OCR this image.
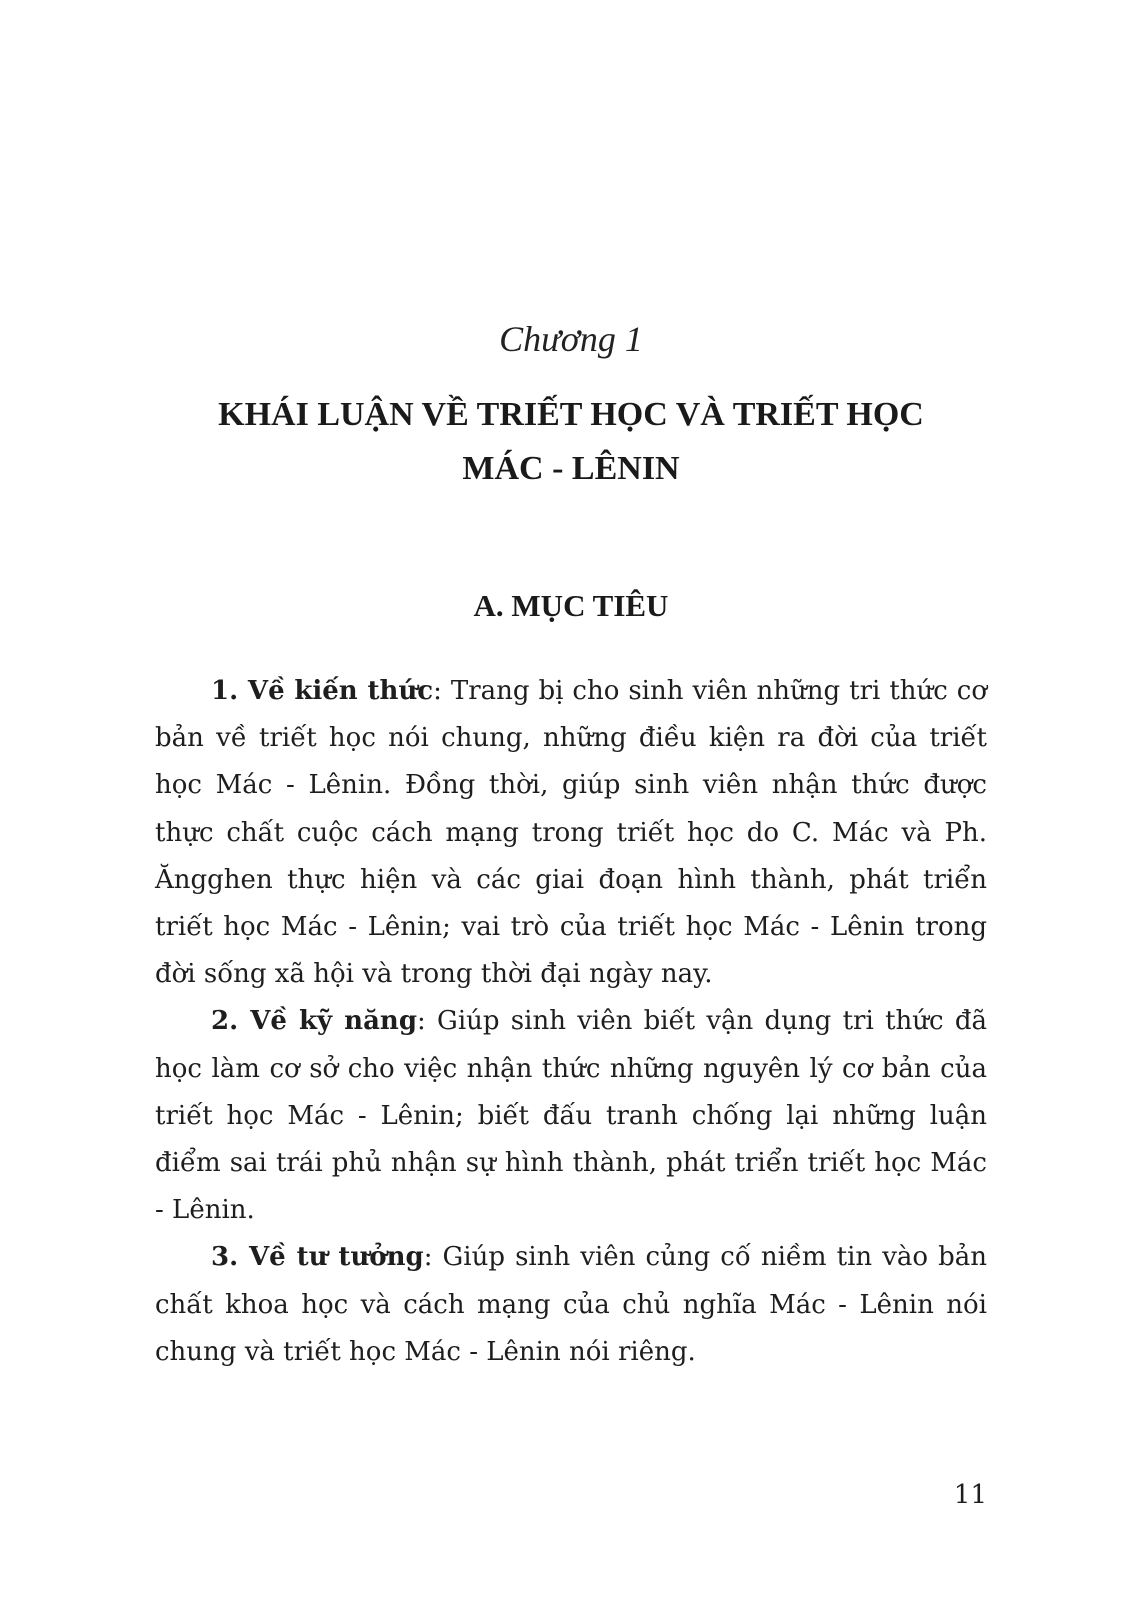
Chương 1
KHÁI LUẬN VỀ TRIẾT HỌC VÀ TRIẾT HỌC
MÁC - LÊNIN
A. MỤC TIÊU

1. Về kiến thức: Trang bị cho sinh viên những tri thức cơ bản về triết học nói chung, những điều kiện ra đời của triết học Mác - Lênin. Đồng thời, giúp sinh viên nhận thức được thực chất cuộc cách mạng trong triết học do C. Mác và Ph. Ăngghen thực hiện và các giai đoạn hình thành, phát triển triết học Mác - Lênin; vai trò của triết học Mác - Lênin trong đời sống xã hội và trong thời đại ngày nay.

2. Về kỹ năng: Giúp sinh viên biết vận dụng tri thức đã học làm cơ sở cho việc nhận thức những nguyên lý cơ bản của triết học Mác - Lênin; biết đấu tranh chống lại những luận điểm sai trái phủ nhận sự hình thành, phát triển triết học Mác - Lênin.

3. Về tư tưởng: Giúp sinh viên củng cố niềm tin vào bản chất khoa học và cách mạng của chủ nghĩa Mác - Lênin nói chung và triết học Mác - Lênin nói riêng.

11
